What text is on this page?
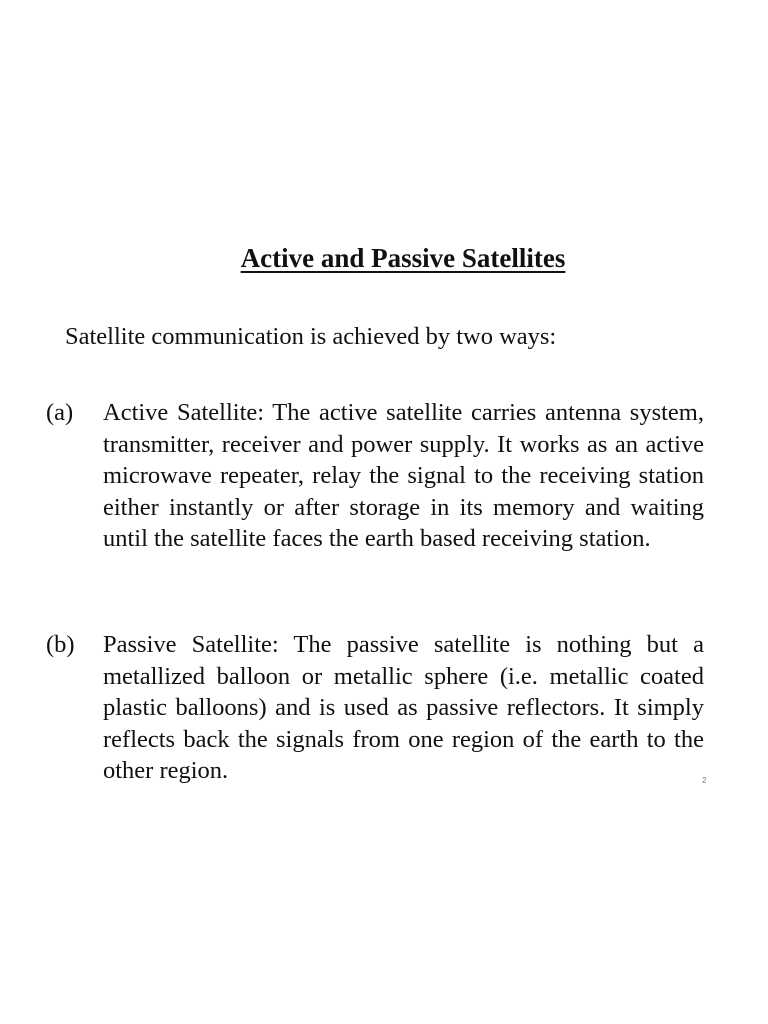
Active and Passive Satellites

Satellite communication is achieved by two ways:

(a) Active Satellite: The active satellite carries antenna system, transmitter, receiver and power supply. It works as an active microwave repeater, relay the signal to the receiving station either instantly or after storage in its memory and waiting until the satellite faces the earth based receiving station.

(b) Passive Satellite: The passive satellite is nothing but a metallized balloon or metallic sphere (i.e. metallic coated plastic balloons) and is used as passive reflectors. It simply reflects back the signals from one region of the earth to the other region.	2
